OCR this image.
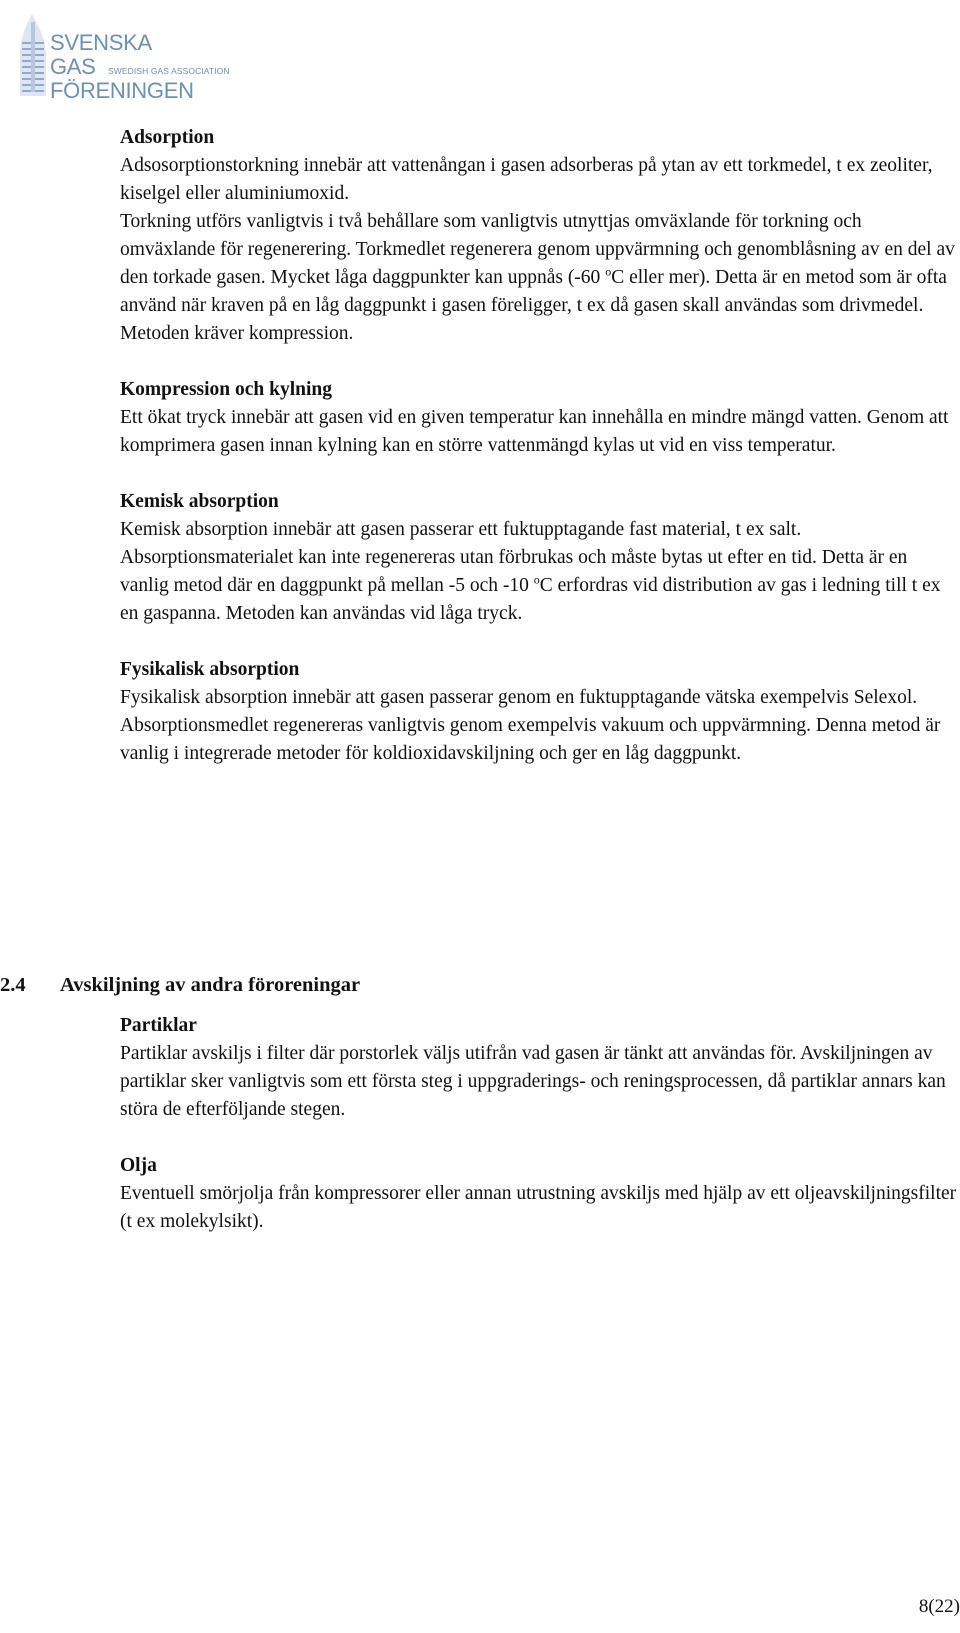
SVENSKA
GAS SWEDISH GAS ASSOCIATION
FÖRENINGEN
Adsorption
Adsosorptionstorkning innebär att vattenångan i gasen adsorberas på ytan av ett torkmedel, t ex zeoliter, kiselgel eller aluminiumoxid.
Torkning utförs vanligtvis i två behållare som vanligtvis utnyttjas omväxlande för torkning och omväxlande för regenerering. Torkmedlet regenerera genom uppvärmning och genomblåsning av en del av den torkade gasen. Mycket låga daggpunkter kan uppnås (-60 $^o$C eller mer). Detta är en metod som är ofta använd när kraven på en låg daggpunkt i gasen föreligger, t ex då gasen skall användas som drivmedel. Metoden kräver kompression.
Kompression och kylning
Ett ökat tryck innebär att gasen vid en given temperatur kan innehålla en mindre mängd vatten. Genom att komprimera gasen innan kylning kan en större vattenmängd kylas ut vid en viss temperatur.
Kemisk absorption
Kemisk absorption innebär att gasen passerar ett fuktupptagande fast material, t ex salt. Absorptionsmaterialet kan inte regenereras utan förbrukas och måste bytas ut efter en tid. Detta är en vanlig metod där en daggpunkt på mellan -5 och -10 $^o$C erfordras vid distribution av gas i ledning till t ex en gaspanna. Metoden kan användas vid låga tryck.
Fysikalisk absorption
Fysikalisk absorption innebär att gasen passerar genom en fuktupptagande vätska exempelvis Selexol. Absorptionsmedlet regenereras vanligtvis genom exempelvis vakuum och uppvärmning. Denna metod är vanlig i integrerade metoder för koldioxidavskiljning och ger en låg daggpunkt.
2.4 Avskiljning av andra föroreningar
Partiklar
Partiklar avskiljs i filter där porstorlek väljs utifrån vad gasen är tänkt att användas för. Avskiljningen av partiklar sker vanligtvis som ett första steg i uppgraderings- och reningsprocessen, då partiklar annars kan störa de efterföljande stegen.
Olja
Eventuell smörjolja från kompressorer eller annan utrustning avskiljs med hjälp av ett oljeavskiljningsfilter (t ex molekylsikt).
8(22)
